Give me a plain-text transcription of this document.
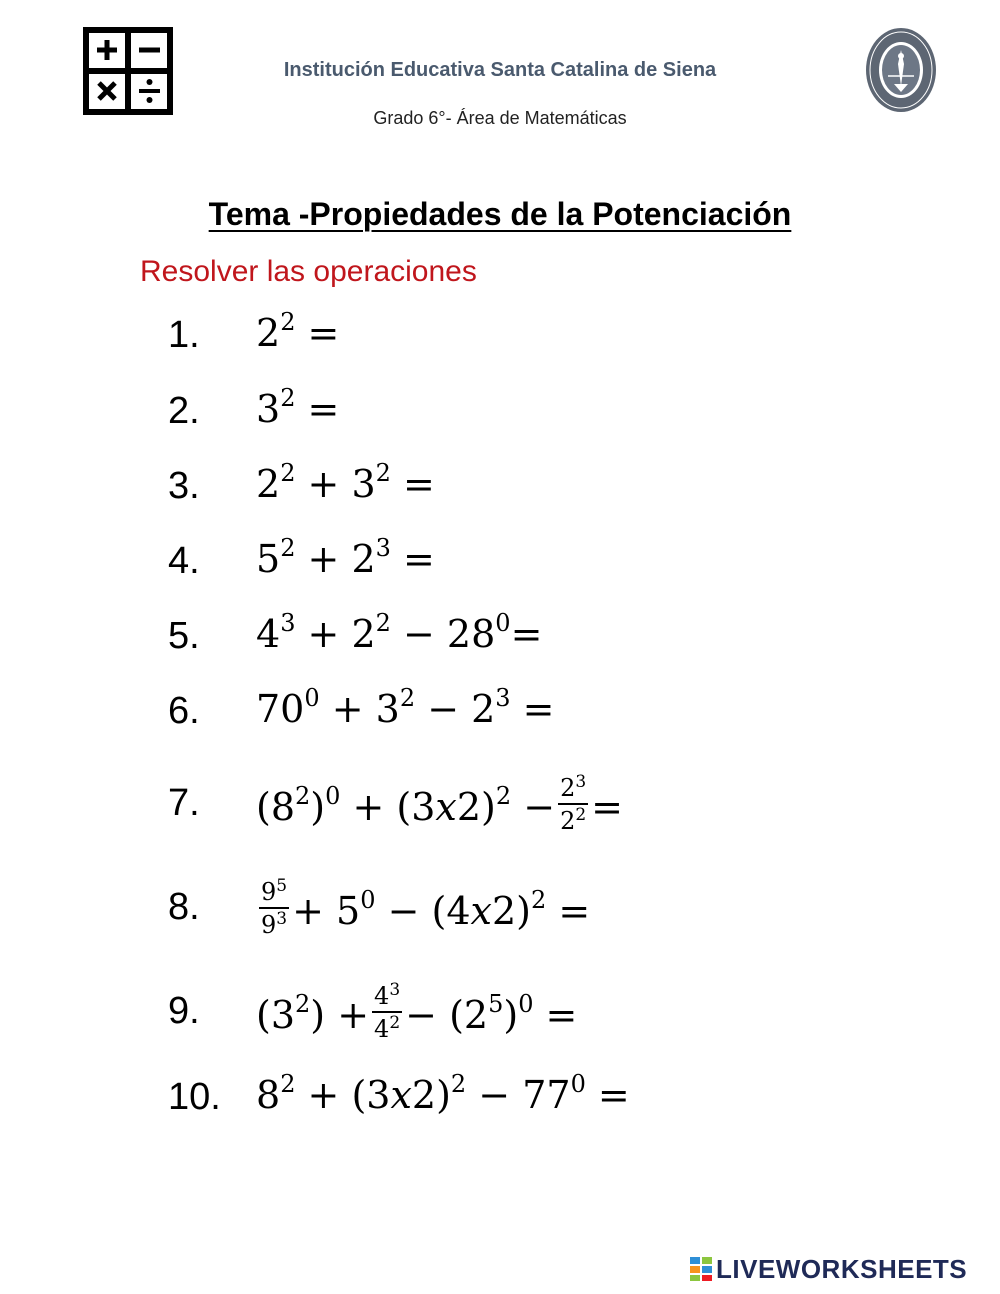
Institución Educativa Santa Catalina de Siena
Grado 6°- Área de Matemáticas
Tema -Propiedades de la Potenciación
Resolver las operaciones
1. $2^2$ =
2. $3^2$ =
3. $2^2 + 3^2$ =
4. $5^2 + 2^3$ =
5. $4^3 + 2^2 - 28^0=$
6. $70^0 + 3^2 - 2^3$ =
7. $(8^2)^0 + (3x2)^2 - \frac{2^3}{2^2}$ =
8. $\frac{9^5}{9^3} + 5^0 - (4x2)^2$ =
9. $(3^2) + \frac{4^3}{4^2} - (2^5)^0$ =
10. $8^2 + (3x2)^2 - 77^0$ =
LIVEWORKSHEETS
